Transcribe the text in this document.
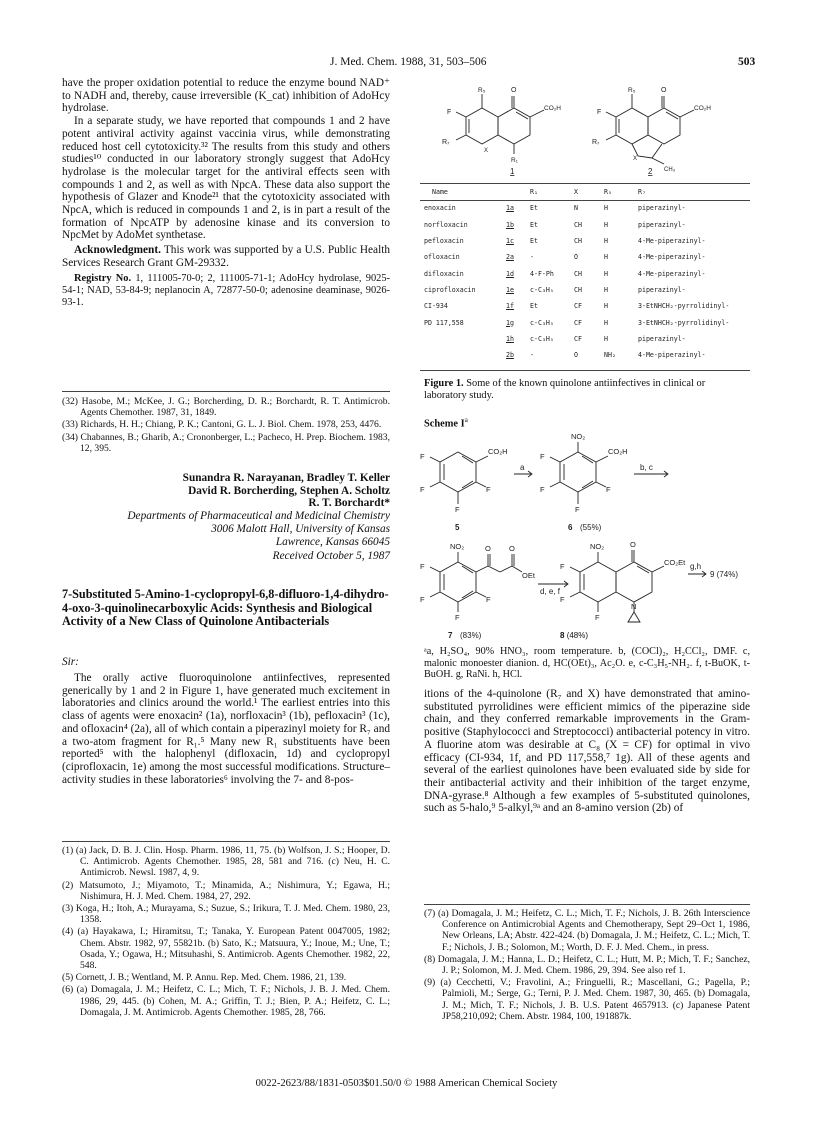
J. Med. Chem. 1988, 31, 503–506	503

have the proper oxidation potential to reduce the enzyme bound NAD⁺ to NADH and, thereby, cause irreversible (K_cat) inhibition of AdoHcy hydrolase.

In a separate study, we have reported that compounds 1 and 2 have potent antiviral activity against vaccinia virus, while demonstrating reduced host cell cytotoxicity.³² The results from this study and others studies¹⁰ conducted in our laboratory strongly suggest that AdoHcy hydrolase is the molecular target for the antiviral effects seen with compounds 1 and 2, as well as with NpcA. These data also support the hypothesis of Glazer and Knode²¹ that the cytotoxicity associated with NpcA, which is reduced in compounds 1 and 2, is in part a result of the formation of NpcATP by adenosine kinase and its conversion to NpcMet by AdoMet synthetase.

Acknowledgment. This work was supported by a U.S. Public Health Services Research Grant GM-29332.

Registry No. 1, 111005-70-0; 2, 111005-71-1; AdoHcy hydrolase, 9025-54-1; NAD, 53-84-9; neplanocin A, 72877-50-0; adenosine deaminase, 9026-93-1.

(32) Hasobe, M.; McKee, J. G.; Borcherding, D. R.; Borchardt, R. T. Antimicrob. Agents Chemother. 1987, 31, 1849.

(33) Richards, H. H.; Chiang, P. K.; Cantoni, G. L. J. Biol. Chem. 1978, 253, 4476.

(34) Chabannes, B.; Gharib, A.; Crononberger, L.; Pacheco, H. Prep. Biochem. 1983, 12, 395.

Sunandra R. Narayanan, Bradley T. Keller
David R. Borcherding, Stephen A. Scholtz
R. T. Borchardt*
Departments of Pharmaceutical and Medicinal Chemistry
3006 Malott Hall, University of Kansas
Lawrence, Kansas 66045
Received October 5, 1987
7-Substituted 5-Amino-1-cyclopropyl-6,8-difluoro-1,4-dihydro-4-oxo-3-quinolinecarboxylic Acids: Synthesis and Biological Activity of a New Class of Quinolone Antibacterials
Sir:

The orally active fluoroquinolone antiinfectives, represented generically by 1 and 2 in Figure 1, have generated much excitement in laboratories and clinics around the world.¹ The earliest entries into this class of agents were enoxacin² (1a), norfloxacin³ (1b), pefloxacin³ (1c), and ofloxacin⁴ (2a), all of which contain a piperazinyl moiety for R₇ and a two-atom fragment for R₁.⁵ Many new R₁ substituents have been reported⁵ with the halophenyl (difloxacin, 1d) and cyclopropyl (ciprofloxacin, 1e) among the most successful modifications. Structure–activity studies in these laboratories⁶ involving the 7- and 8-pos-

(1) (a) Jack, D. B. J. Clin. Hosp. Pharm. 1986, 11, 75. (b) Wolfson, J. S.; Hooper, D. C. Antimicrob. Agents Chemother. 1985, 28, 581 and 716. (c) Neu, H. C. Antimicrob. Newsl. 1987, 4, 9.

(2) Matsumoto, J.; Miyamoto, T.; Minamida, A.; Nishimura, Y.; Egawa, H.; Nishimura, H. J. Med. Chem. 1984, 27, 292.

(3) Koga, H.; Itoh, A.; Murayama, S.; Suzue, S.; Irikura, T. J. Med. Chem. 1980, 23, 1358.

(4) (a) Hayakawa, I.; Hiramitsu, T.; Tanaka, Y. European Patent 0047005, 1982; Chem. Abstr. 1982, 97, 55821b. (b) Sato, K.; Matsuura, Y.; Inoue, M.; Une, T.; Osada, Y.; Ogawa, H.; Mitsuhashi, S. Antimicrob. Agents Chemother. 1982, 22, 548.

(5) Cornett, J. B.; Wentland, M. P. Annu. Rep. Med. Chem. 1986, 21, 139.

(6) (a) Domagala, J. M.; Heifetz, C. L.; Mich, T. F.; Nichols, J. B. J. Med. Chem. 1986, 29, 445. (b) Cohen, M. A.; Griffin, T. J.; Bien, P. A.; Heifetz, C. L.; Domagala, J. M. Antimicrob. Agents Chemother. 1985, 28, 766.

O	O
CO₂H	CO₂H
F	F
R₇	R₇
R₅	R₅
R₁
X
X
CH₃
1	2
Name		R₁	X	R₅	R₇
enoxacin	1a	Et	N	H	piperazinyl-
norfloxacin	1b	Et	CH	H	piperazinyl-
pefloxacin	1c	Et	CH	H	4-Me-piperazinyl-
ofloxacin	2a	-	O	H	4-Me-piperazinyl-
difloxacin	1d	4-F-Ph	CH	H	4-Me-piperazinyl-
ciprofloxacin	1e	c-C₃H₅	CH	H	piperazinyl-
CI-934	1f	Et	CF	H	3-EtNHCH₂-pyrrolidinyl-
PD 117,558	1g	c-C₃H₅	CF	H	3-EtNHCH₂-pyrrolidinyl-
	1h	c-C₃H₅	CF	H	piperazinyl-
	2b	-	O	NH₂	4-Me-piperazinyl-
Figure 1. Some of the known quinolone antiinfectives in clinical or laboratory study.
Scheme $I^a$
CO₂H	CO₂H
F
F	F
F
F
F	F
F
NO₂
NO₂	O O
OEt
F
F	F
F
NO₂	O
CO₂Et
F
F
F
N
a	b, c
d, e, f
g,h
9 (74%)
5	6 (55%)
7 (83%)	8 (48%)
ᵃa, H₂SO₄, 90% HNO₃, room temperature. b, (COCl)₂, H₂CCl₂, DMF. c, malonic monoester dianion. d, HC(OEt)₃, Ac₂O. e, c-C₃H₅-NH₂. f, t-BuOK, t-BuOH. g, RaNi. h, HCl.

itions of the 4-quinolone (R₇ and X) have demonstrated that amino-substituted pyrrolidines were efficient mimics of the piperazine side chain, and they conferred remarkable improvements in the Gram-positive (Staphylococci and Streptococci) antibacterial potency in vitro. A fluorine atom was desirable at C₈ (X = CF) for optimal in vivo efficacy (CI-934, 1f, and PD 117,558,⁷ 1g). All of these agents and several of the earliest quinolones have been evaluated side by side for their antibacterial activity and their inhibition of the target enzyme, DNA-gyrase.⁸ Although a few examples of 5-substituted quinolones, such as 5-halo,⁹ 5-alkyl,⁹ᵃ and an 8-amino version (2b) of

(7) (a) Domagala, J. M.; Heifetz, C. L.; Mich, T. F.; Nichols, J. B. 26th Interscience Conference on Antimicrobial Agents and Chemotherapy, Sept 29–Oct 1, 1986, New Orleans, LA; Abstr. 422-424. (b) Domagala, J. M.; Heifetz, C. L.; Mich, T. F.; Nichols, J. B.; Solomon, M.; Worth, D. F. J. Med. Chem., in press.

(8) Domagala, J. M.; Hanna, L. D.; Heifetz, C. L.; Hutt, M. P.; Mich, T. F.; Sanchez, J. P.; Solomon, M. J. Med. Chem. 1986, 29, 394. See also ref 1.

(9) (a) Cecchetti, V.; Fravolini, A.; Fringuelli, R.; Mascellani, G.; Pagella, P.; Palmioli, M.; Serge, G.; Terni, P. J. Med. Chem. 1987, 30, 465. (b) Domagala, J. M.; Mich, T. F.; Nichols, J. B. U.S. Patent 4657913. (c) Japanese Patent JP58,210,092; Chem. Abstr. 1984, 100, 191887k.

0022-2623/88/1831-0503$01.50/0 © 1988 American Chemical Society
